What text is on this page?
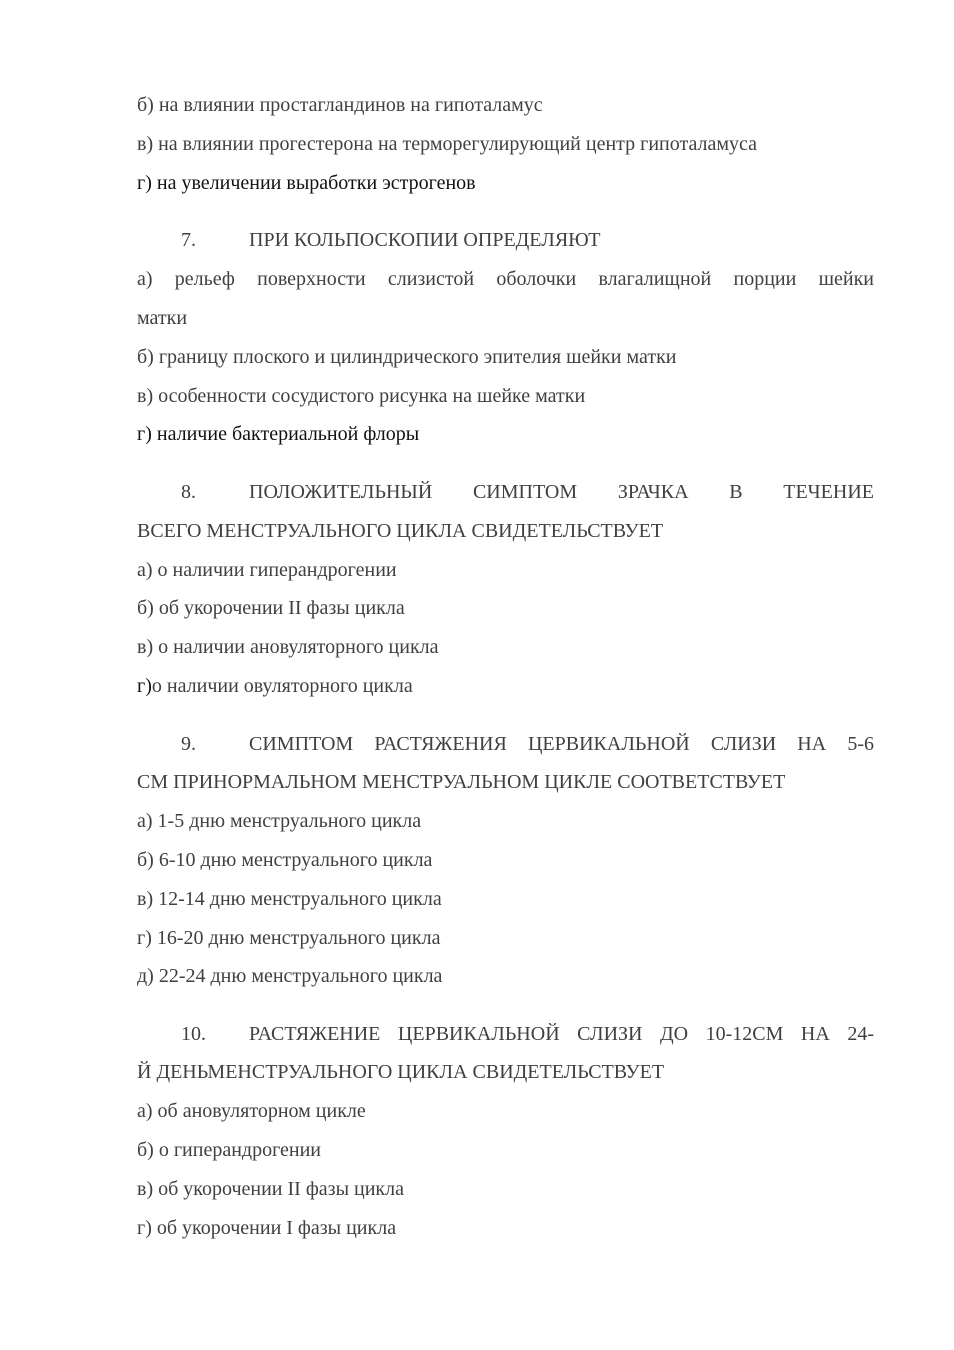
б) на влиянии простагландинов на гипоталамус
в) на влиянии прогестерона на терморегулирующий центр гипоталамуса
г) на увеличении выработки эстрогенов
7.	ПРИ КОЛЬПОСКОПИИ ОПРЕДЕЛЯЮТ
а) рельеф поверхности слизистой оболочки влагалищной порции шейки
матки
б) границу плоского и цилиндрического эпителия шейки матки
в) особенности сосудистого рисунка на шейке матки
г) наличие бактериальной флоры
8.	ПОЛОЖИТЕЛЬНЫЙ СИМПТОМ ЗРАЧКА В ТЕЧЕНИЕ
ВСЕГО МЕНСТРУАЛЬНОГО ЦИКЛА СВИДЕТЕЛЬСТВУЕТ
а) о наличии гиперандрогении
б) об укорочении II фазы цикла
в) о наличии ановуляторного цикла
г)о наличии овуляторного цикла
9.	СИМПТОМ РАСТЯЖЕНИЯ ЦЕРВИКАЛЬНОЙ СЛИЗИ НА 5-6
СМ ПРИНОРМАЛЬНОМ МЕНСТРУАЛЬНОМ ЦИКЛЕ СООТВЕТСТВУЕТ
а) 1-5 дню менструального цикла
б) 6-10 дню менструального цикла
в) 12-14 дню менструального цикла
г) 16-20 дню менструального цикла
д) 22-24 дню менструального цикла
10. РАСТЯЖЕНИЕ ЦЕРВИКАЛЬНОЙ СЛИЗИ ДО 10-12СМ НА 24-
Й ДЕНЬМЕНСТРУАЛЬНОГО ЦИКЛА СВИДЕТЕЛЬСТВУЕТ
а) об ановуляторном цикле
б) о гиперандрогении
в) об укорочении II фазы цикла
г) об укорочении I фазы цикла
